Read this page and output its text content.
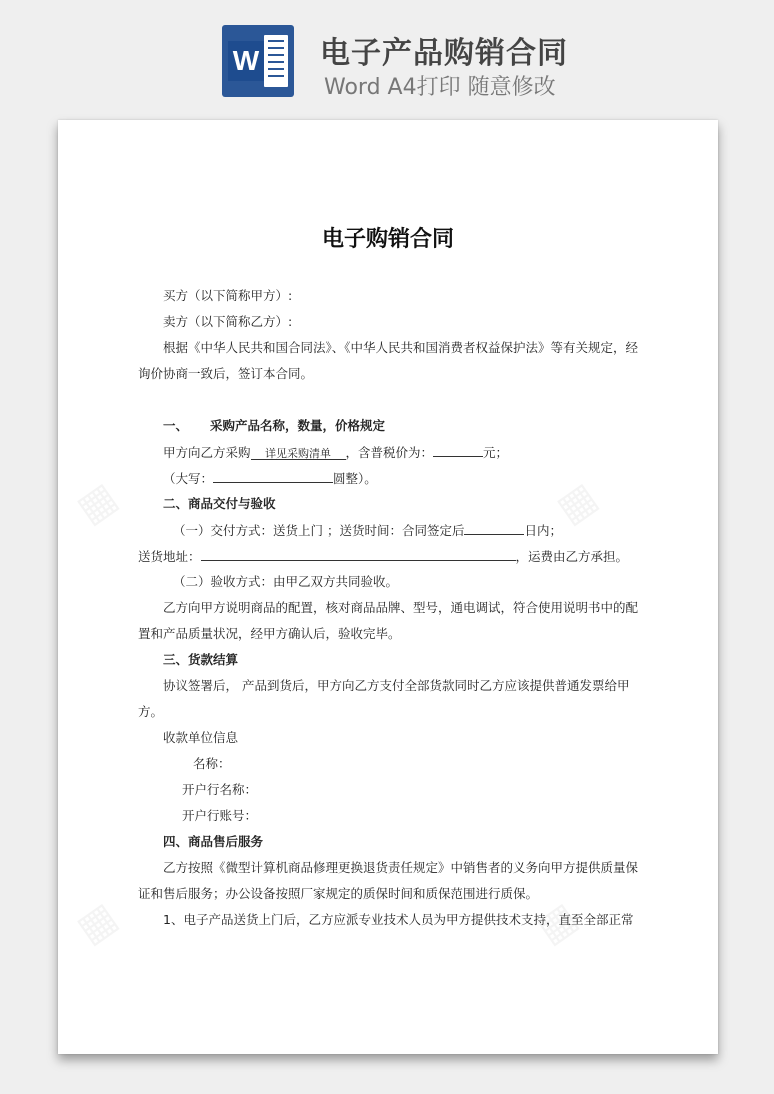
W 电子产品购销合同
Word A4打印 随意修改
电子购销合同
买方（以下简称甲方）:
卖方（以下简称乙方）:
根据《中华人民共和国合同法》、《中华人民共和国消费者权益保护法》等有关规定，经
询价协商一致后，签订本合同。
一、 采购产品名称，数量，价格规定
甲方向乙方采购 详见采购清单 ，含普税价为：	元；
（大写：	圆整）。
二、商品交付与验收
（一）交付方式：送货上门 ；送货时间：合同签定后	日内；
送货地址：	，运费由乙方承担。
（二）验收方式：由甲乙双方共同验收。
乙方向甲方说明商品的配置，核对商品品牌、型号，通电调试，符合使用说明书中的配
置和产品质量状况，经甲方确认后，验收完毕。
三、货款结算
协议签署后， 产品到货后，甲方向乙方支付全部货款同时乙方应该提供普通发票给甲
方。
收款单位信息
名称：
开户行名称：
开户行账号：
四、商品售后服务
乙方按照《微型计算机商品修理更换退货责任规定》中销售者的义务向甲方提供质量保
证和售后服务；办公设备按照厂家规定的质保时间和质保范围进行质保。
1、电子产品送货上门后，乙方应派专业技术人员为甲方提供技术支持，直至全部正常
